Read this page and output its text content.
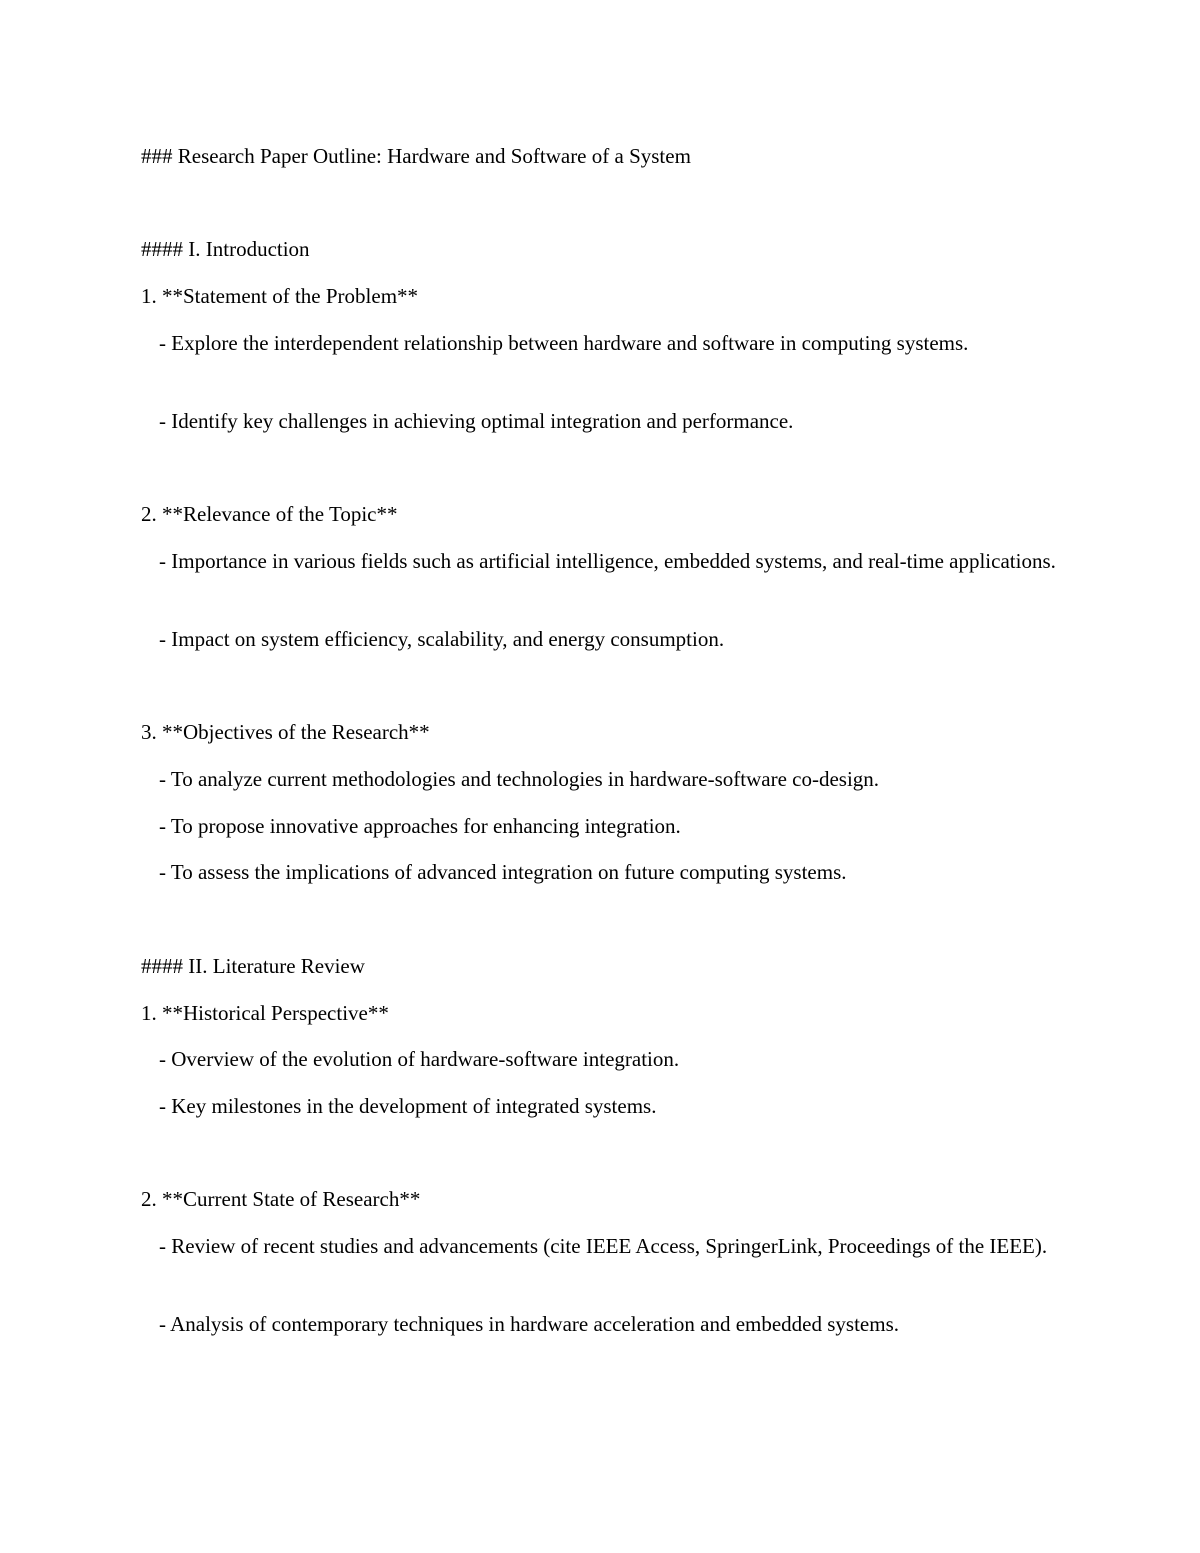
### Research Paper Outline: Hardware and Software of a System
#### I. Introduction
1. **Statement of the Problem**
- Explore the interdependent relationship between hardware and software in computing systems.
- Identify key challenges in achieving optimal integration and performance.
2. **Relevance of the Topic**
- Importance in various fields such as artificial intelligence, embedded systems, and real-time applications.
- Impact on system efficiency, scalability, and energy consumption.
3. **Objectives of the Research**
- To analyze current methodologies and technologies in hardware-software co-design.
- To propose innovative approaches for enhancing integration.
- To assess the implications of advanced integration on future computing systems.
#### II. Literature Review
1. **Historical Perspective**
- Overview of the evolution of hardware-software integration.
- Key milestones in the development of integrated systems.
2. **Current State of Research**
- Review of recent studies and advancements (cite IEEE Access, SpringerLink, Proceedings of the IEEE).
- Analysis of contemporary techniques in hardware acceleration and embedded systems.
